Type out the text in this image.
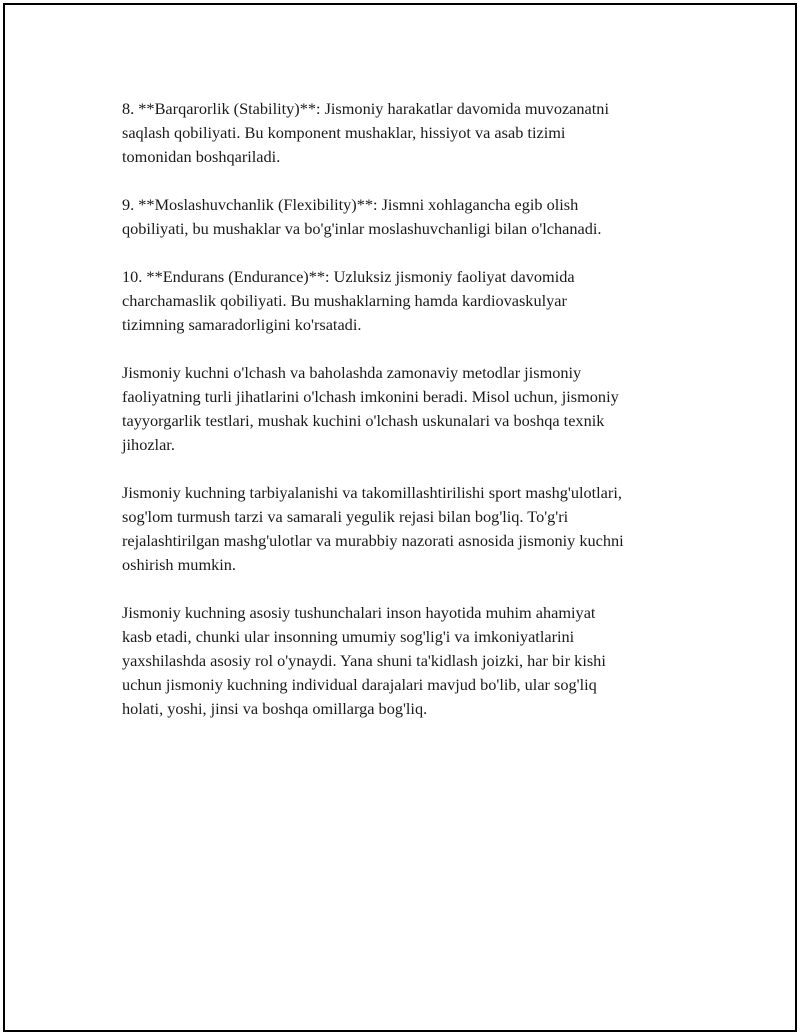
8. **Barqarorlik (Stability)**: Jismoniy harakatlar davomida muvozanatni
saqlash qobiliyati. Bu komponent mushaklar, hissiyot va asab tizimi
tomonidan boshqariladi.

9. **Moslashuvchanlik (Flexibility)**: Jismni xohlagancha egib olish
qobiliyati, bu mushaklar va bo'g'inlar moslashuvchanligi bilan o'lchanadi.

10. **Endurans (Endurance)**: Uzluksiz jismoniy faoliyat davomida
charchamaslik qobiliyati. Bu mushaklarning hamda kardiovaskulyar
tizimning samaradorligini ko'rsatadi.

Jismoniy kuchni o'lchash va baholashda zamonaviy metodlar jismoniy
faoliyatning turli jihatlarini o'lchash imkonini beradi. Misol uchun, jismoniy
tayyorgarlik testlari, mushak kuchini o'lchash uskunalari va boshqa texnik
jihozlar.

Jismoniy kuchning tarbiyalanishi va takomillashtirilishi sport mashg'ulotlari,
sog'lom turmush tarzi va samarali yegulik rejasi bilan bog'liq. To'g'ri
rejalashtirilgan mashg'ulotlar va murabbiy nazorati asnosida jismoniy kuchni
oshirish mumkin.

Jismoniy kuchning asosiy tushunchalari inson hayotida muhim ahamiyat
kasb etadi, chunki ular insonning umumiy sog'lig'i va imkoniyatlarini
yaxshilashda asosiy rol o'ynaydi. Yana shuni ta'kidlash joizki, har bir kishi
uchun jismoniy kuchning individual darajalari mavjud bo'lib, ular sog'liq
holati, yoshi, jinsi va boshqa omillarga bog'liq.
